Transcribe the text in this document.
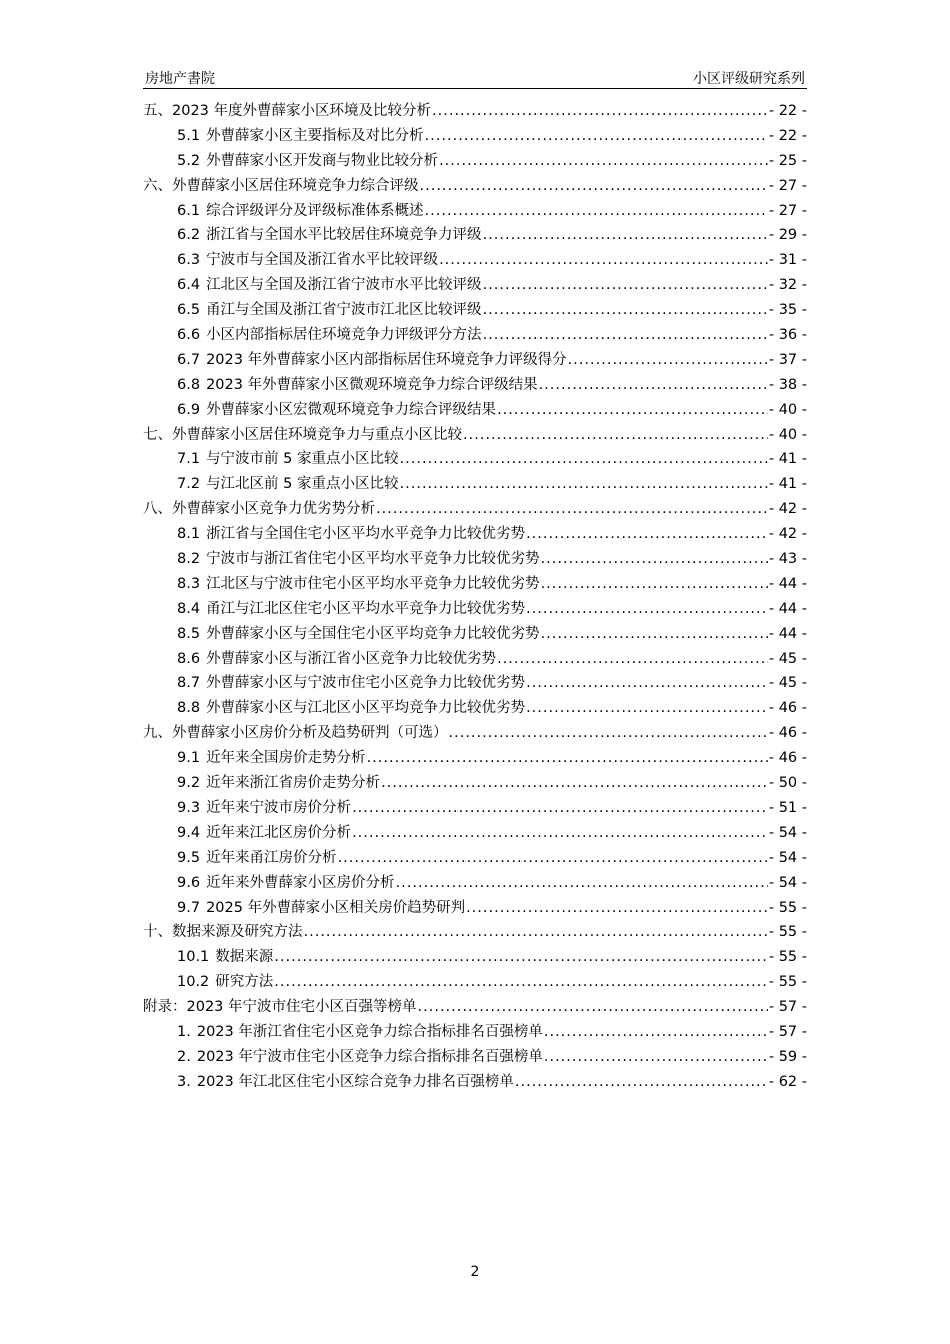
房地产書院	小区评级研究系列
五、2023 年度外曹薛家小区环境及比较分析 .....	- 22 -
5.1 外曹薛家小区主要指标及对比分析 .....	- 22 -
5.2 外曹薛家小区开发商与物业比较分析 .....	- 25 -
六、外曹薛家小区居住环境竞争力综合评级 .....	- 27 -
6.1 综合评级评分及评级标准体系概述 .....	- 27 -
6.2 浙江省与全国水平比较居住环境竞争力评级 .....	- 29 -
6.3 宁波市与全国及浙江省水平比较评级 .....	- 31 -
6.4 江北区与全国及浙江省宁波市水平比较评级 .....	- 32 -
6.5 甬江与全国及浙江省宁波市江北区比较评级 .....	- 35 -
6.6 小区内部指标居住环境竞争力评级评分方法 .....	- 36 -
6.7 2023 年外曹薛家小区内部指标居住环境竞争力评级得分 .....	- 37 -
6.8 2023 年外曹薛家小区微观环境竞争力综合评级结果 .....	- 38 -
6.9 外曹薛家小区宏微观环境竞争力综合评级结果 .....	- 40 -
七、外曹薛家小区居住环境竞争力与重点小区比较 .....	- 40 -
7.1 与宁波市前 5 家重点小区比较 .....	- 41 -
7.2 与江北区前 5 家重点小区比较 .....	- 41 -
八、外曹薛家小区竞争力优劣势分析 .....	- 42 -
8.1 浙江省与全国住宅小区平均水平竞争力比较优劣势 .....	- 42 -
8.2 宁波市与浙江省住宅小区平均水平竞争力比较优劣势 .....	- 43 -
8.3 江北区与宁波市住宅小区平均水平竞争力比较优劣势 .....	- 44 -
8.4 甬江与江北区住宅小区平均水平竞争力比较优劣势 .....	- 44 -
8.5 外曹薛家小区与全国住宅小区平均竞争力比较优劣势 .....	- 44 -
8.6 外曹薛家小区与浙江省小区竞争力比较优劣势 .....	- 45 -
8.7 外曹薛家小区与宁波市住宅小区竞争力比较优劣势 .....	- 45 -
8.8 外曹薛家小区与江北区小区平均竞争力比较优劣势 .....	- 46 -
九、外曹薛家小区房价分析及趋势研判（可选） .....	- 46 -
9.1 近年来全国房价走势分析 .....	- 46 -
9.2 近年来浙江省房价走势分析 .....	- 50 -
9.3 近年来宁波市房价分析 .....	- 51 -
9.4 近年来江北区房价分析 .....	- 54 -
9.5 近年来甬江房价分析 .....	- 54 -
9.6 近年来外曹薛家小区房价分析 .....	- 54 -
9.7 2025 年外曹薛家小区相关房价趋势研判 .....	- 55 -
十、数据来源及研究方法 .....	- 55 -
10.1 数据来源 .....	- 55 -
10.2 研究方法 .....	- 55 -
附录：2023 年宁波市住宅小区百强等榜单 .....	- 57 -
1. 2023 年浙江省住宅小区竞争力综合指标排名百强榜单 .....	- 57 -
2. 2023 年宁波市住宅小区竞争力综合指标排名百强榜单 .....	- 59 -
3. 2023 年江北区住宅小区综合竞争力排名百强榜单 .....	- 62 -
2
